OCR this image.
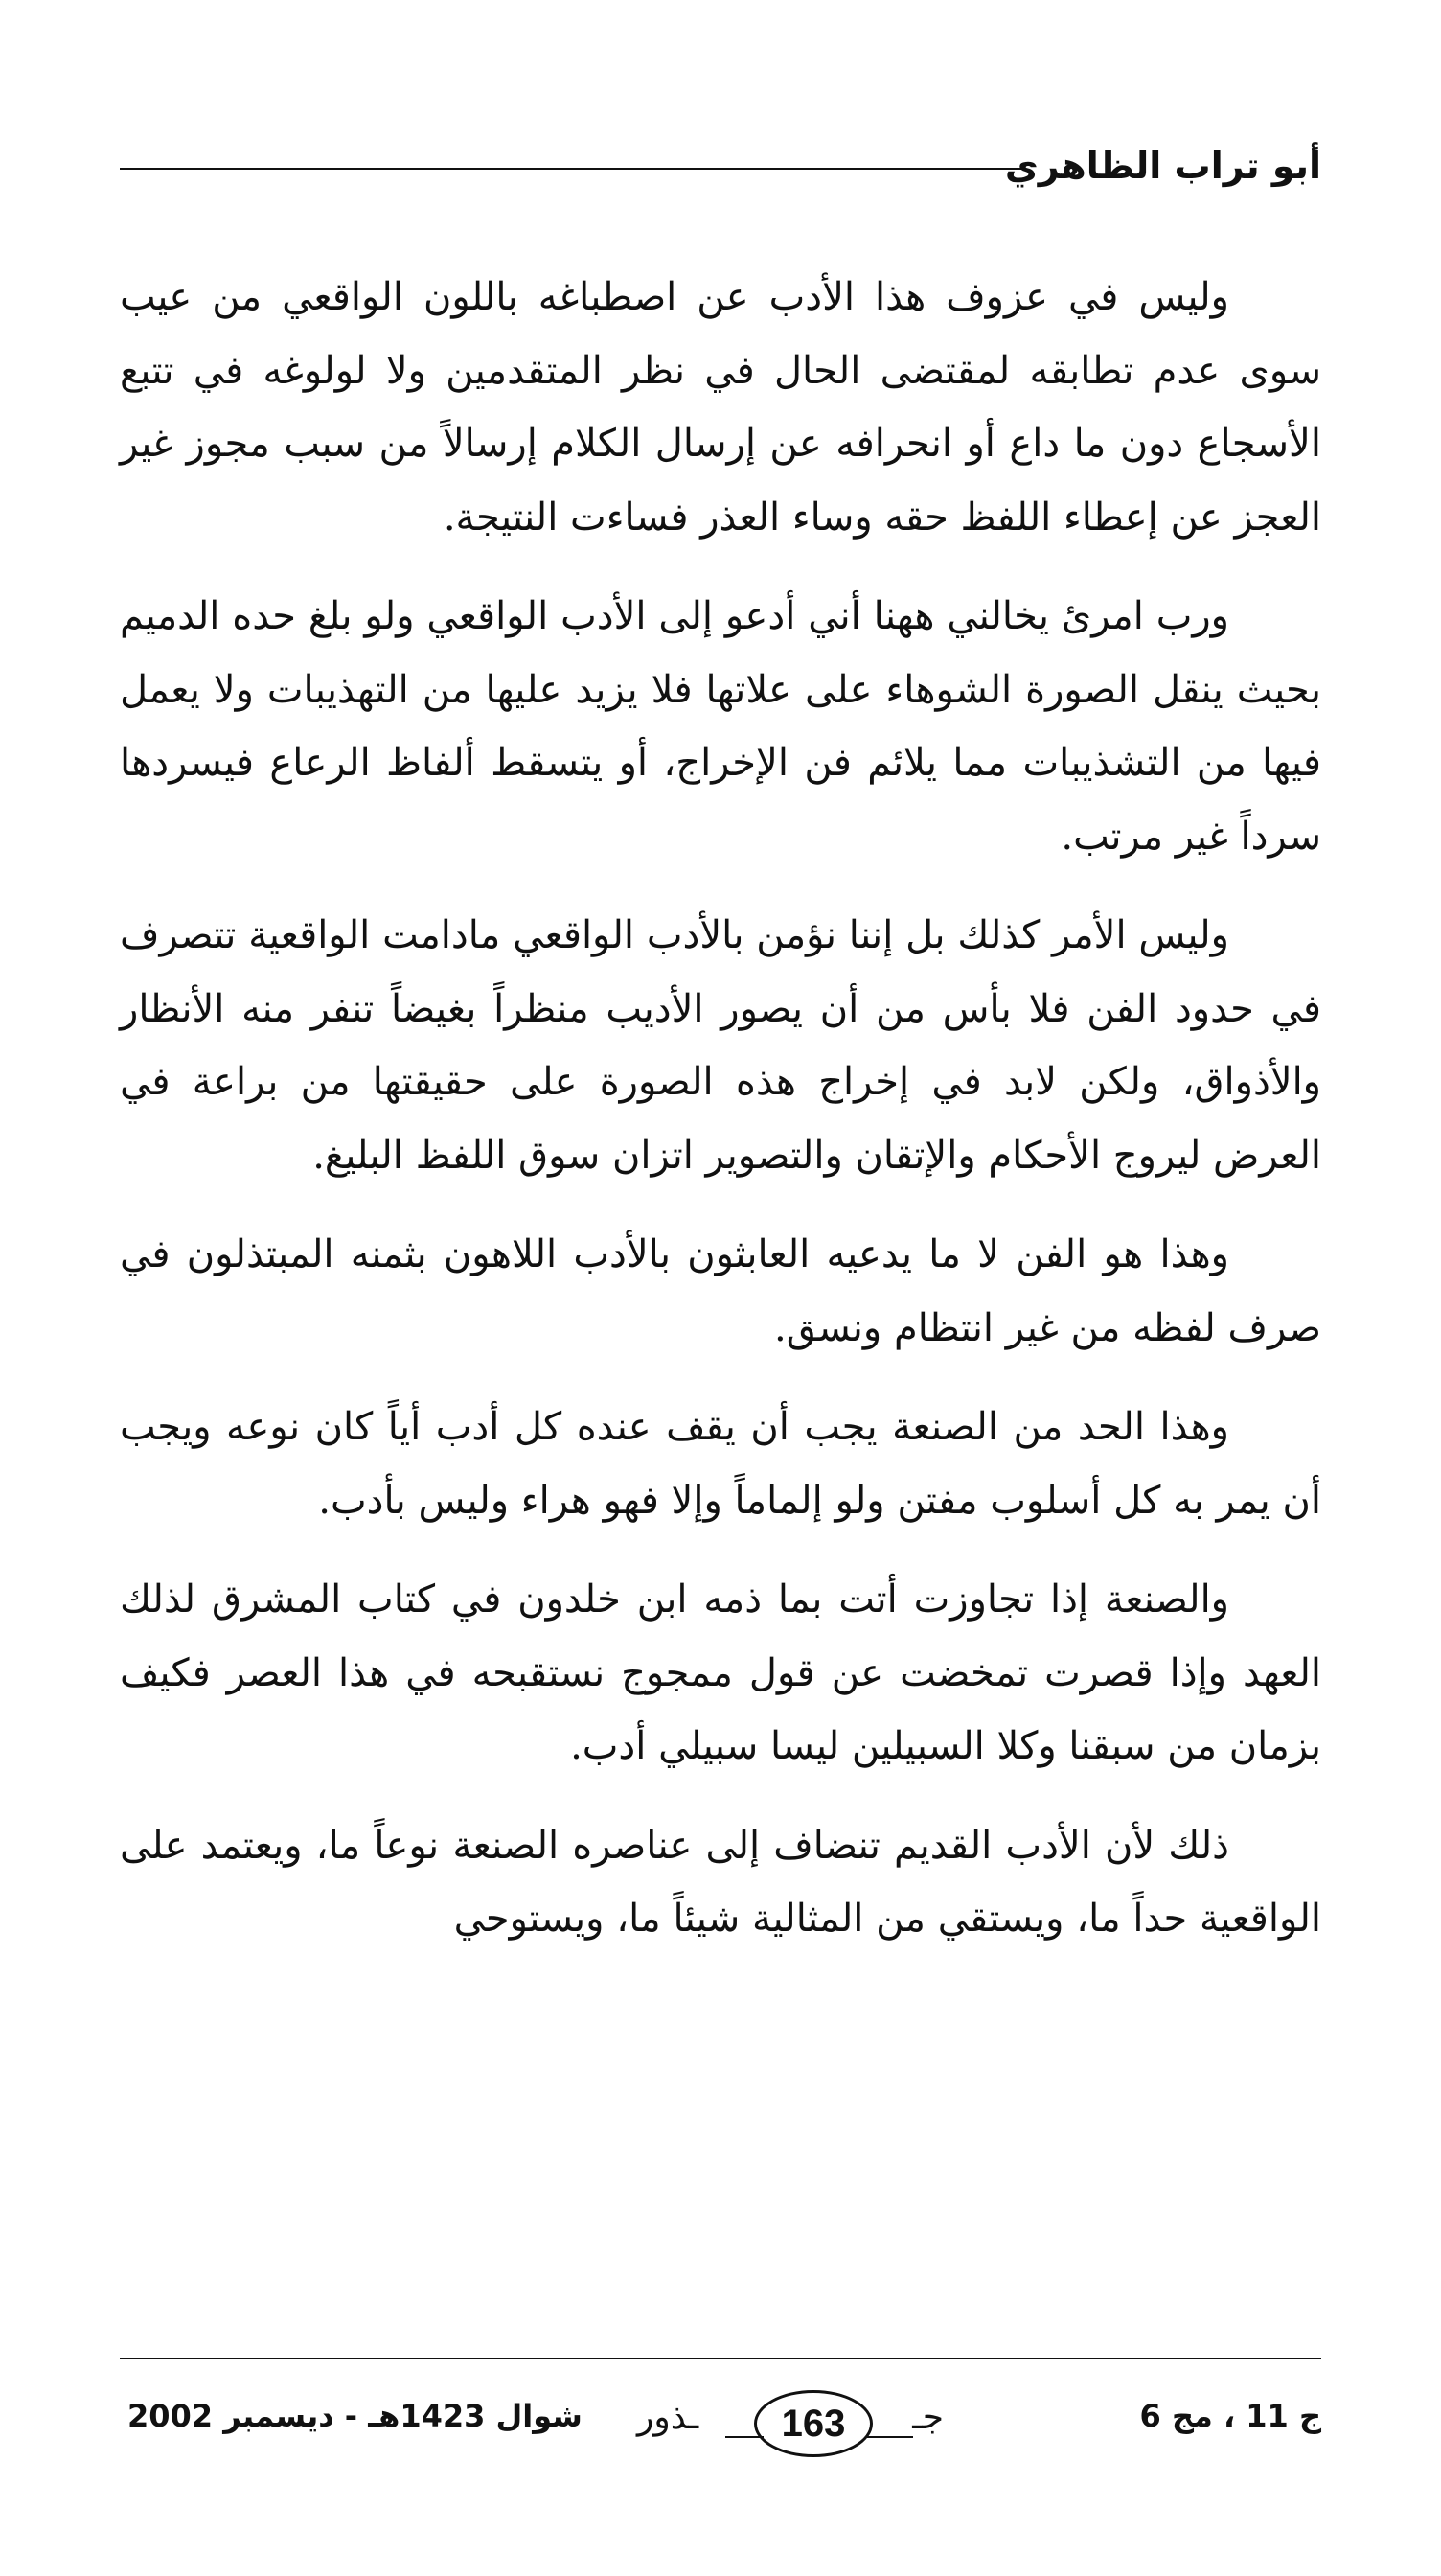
أبو تراب الظاهري

وليس في عزوف هذا الأدب عن اصطباغه باللون الواقعي من عيب سوى عدم تطابقه لمقتضى الحال في نظر المتقدمين ولا لولوغه في تتبع الأسجاع دون ما داع أو انحرافه عن إرسال الكلام إرسالاً من سبب مجوز غير العجز عن إعطاء اللفظ حقه وساء العذر فساءت النتيجة.

ورب امرئ يخالني ههنا أني أدعو إلى الأدب الواقعي ولو بلغ حده الدميم بحيث ينقل الصورة الشوهاء على علاتها فلا يزيد عليها من التهذيبات ولا يعمل فيها من التشذيبات مما يلائم فن الإخراج، أو يتسقط ألفاظ الرعاع فيسردها سرداً غير مرتب.

وليس الأمر كذلك بل إننا نؤمن بالأدب الواقعي مادامت الواقعية تتصرف في حدود الفن فلا بأس من أن يصور الأديب منظراً بغيضاً تنفر منه الأنظار والأذواق، ولكن لابد في إخراج هذه الصورة على حقيقتها من براعة في العرض ليروج الأحكام والإتقان والتصوير اتزان سوق اللفظ البليغ.

وهذا هو الفن لا ما يدعيه العابثون بالأدب اللاهون بثمنه المبتذلون في صرف لفظه من غير انتظام ونسق.

وهذا الحد من الصنعة يجب أن يقف عنده كل أدب أياً كان نوعه ويجب أن يمر به كل أسلوب مفتن ولو إلماماً وإلا فهو هراء وليس بأدب.

والصنعة إذا تجاوزت أتت بما ذمه ابن خلدون في كتاب المشرق لذلك العهد وإذا قصرت تمخضت عن قول ممجوج نستقبحه في هذا العصر فكيف بزمان من سبقنا وكلا السبيلين ليسا سبيلي أدب.

ذلك لأن الأدب القديم تنضاف إلى عناصره الصنعة نوعاً ما، ويعتمد على الواقعية حداً ما، ويستقي من المثالية شيئاً ما، ويستوحي

ج 11 ، مج 6
جـ
163
ـذور
شوال 1423هـ - ديسمبر 2002
